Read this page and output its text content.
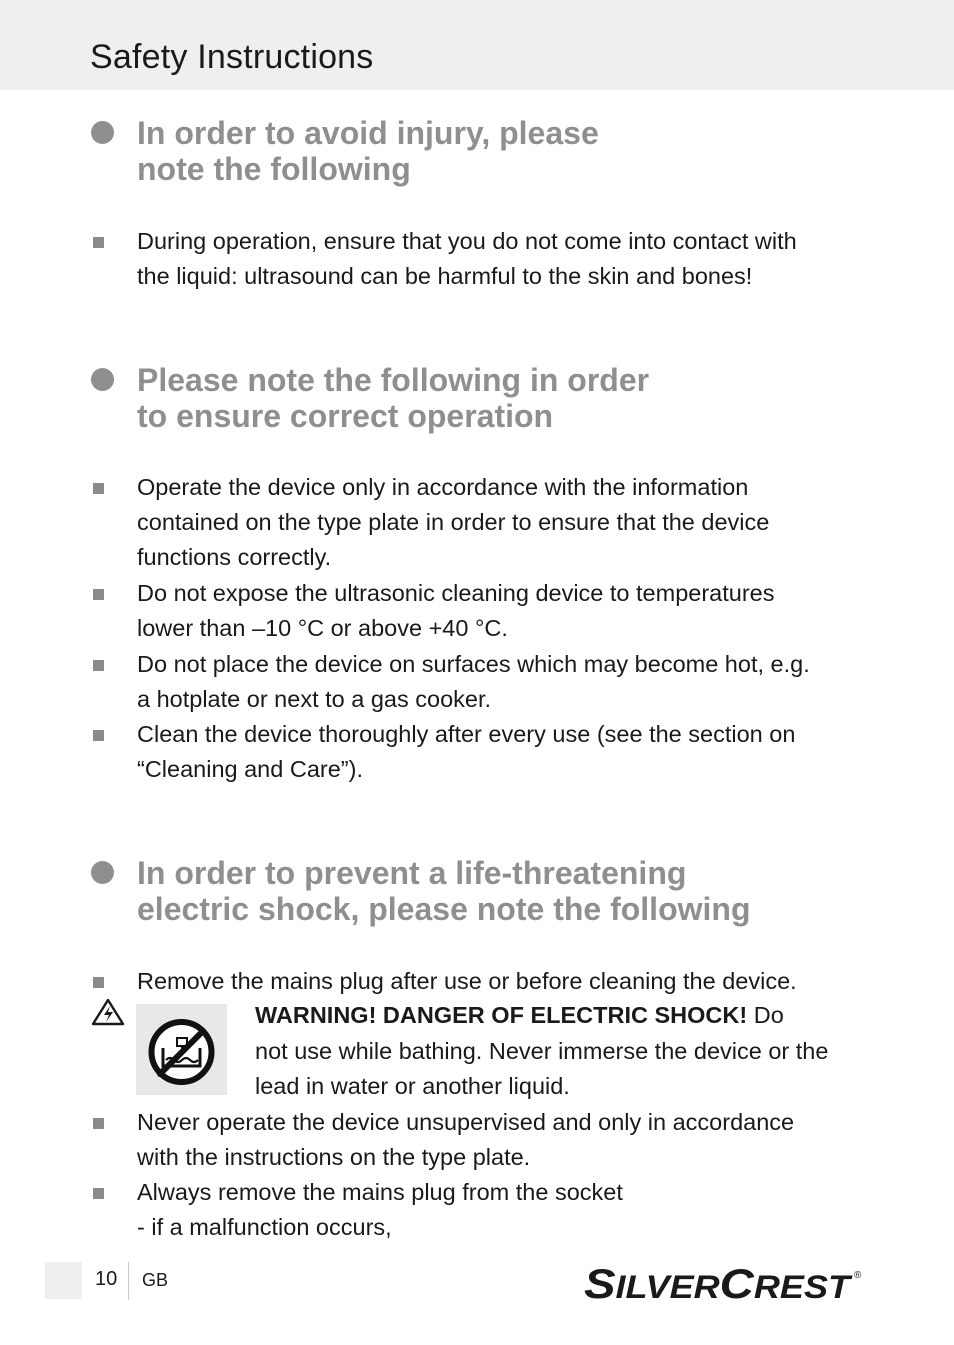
Safety Instructions
In order to avoid injury, please
note the following
During operation, ensure that you do not come into contact with
the liquid: ultrasound can be harmful to the skin and bones!
Please note the following in order
to ensure correct operation
Operate the device only in accordance with the information
contained on the type plate in order to ensure that the device
functions correctly.
Do not expose the ultrasonic cleaning device to temperatures
lower than –10 °C or above +40 °C.
Do not place the device on surfaces which may become hot, e.g.
a hotplate or next to a gas cooker.
Clean the device thoroughly after every use (see the section on
“Cleaning and Care”).
In order to prevent a life-threatening
electric shock, please note the following
Remove the mains plug after use or before cleaning the device.
WARNING! DANGER OF ELECTRIC SHOCK! Do
not use while bathing. Never immerse the device or the
lead in water or another liquid.
Never operate the device unsupervised and only in accordance
with the instructions on the type plate.
Always remove the mains plug from the socket
- if a malfunction occurs,
10 GB	S ILVER C REST	®
